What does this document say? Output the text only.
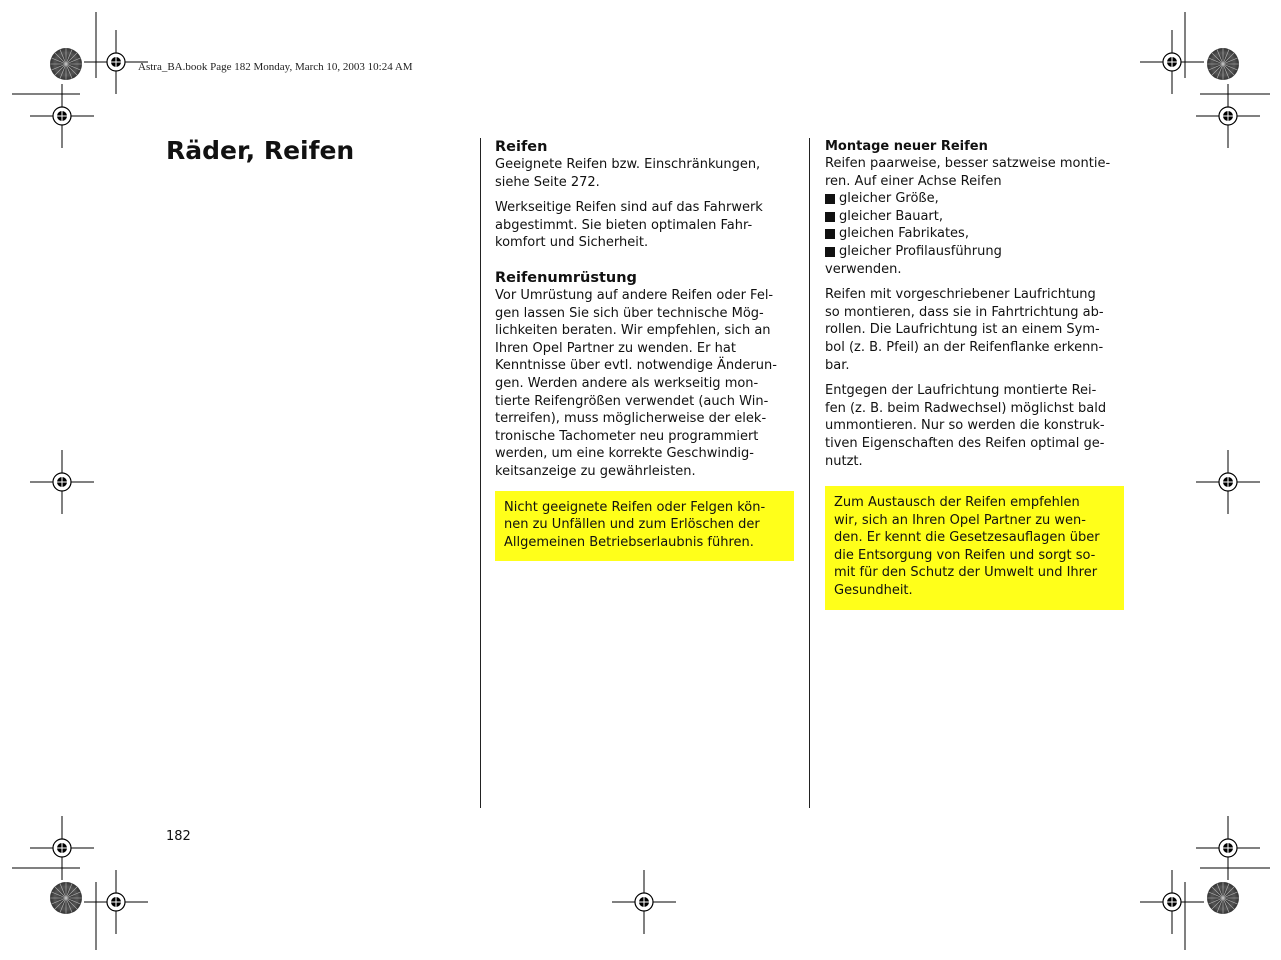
Astra_BA.book Page 182 Monday, March 10, 2003 10:24 AM
Räder, Reifen	Reifen

Geeignete Reifen bzw. Einschränkungen,
siehe Seite 272.

Werkseitige Reifen sind auf das Fahrwerk
abgestimmt. Sie bieten optimalen Fahr-
komfort und Sicherheit.

Reifenumrüstung

Vor Umrüstung auf andere Reifen oder Fel-
gen lassen Sie sich über technische Mög-
lichkeiten beraten. Wir empfehlen, sich an
Ihren Opel Partner zu wenden. Er hat
Kenntnisse über evtl. notwendige Änderun-
gen. Werden andere als werkseitig mon-
tierte Reifengrößen verwendet (auch Win-
terreifen), muss möglicherweise der elek-
tronische Tachometer neu programmiert
werden, um eine korrekte Geschwindig-
keitsanzeige zu gewährleisten.

Nicht geeignete Reifen oder Felgen kön-
nen zu Unfällen und zum Erlöschen der
Allgemeinen Betriebserlaubnis führen.
Montage neuer Reifen

Reifen paarweise, besser satzweise montie-
ren. Auf einer Achse Reifen

gleicher Größe,
gleicher Bauart,
gleichen Fabrikates,
gleicher Profilausführung

verwenden.

Reifen mit vorgeschriebener Laufrichtung
so montieren, dass sie in Fahrtrichtung ab-
rollen. Die Laufrichtung ist an einem Sym-
bol (z. B. Pfeil) an der Reifenflanke erkenn-
bar.

Entgegen der Laufrichtung montierte Rei-
fen (z. B. beim Radwechsel) möglichst bald
ummontieren. Nur so werden die konstruk-
tiven Eigenschaften des Reifen optimal ge-
nutzt.

Zum Austausch der Reifen empfehlen
wir, sich an Ihren Opel Partner zu wen-
den. Er kennt die Gesetzesauflagen über
die Entsorgung von Reifen und sorgt so-
mit für den Schutz der Umwelt und Ihrer
Gesundheit.
182
